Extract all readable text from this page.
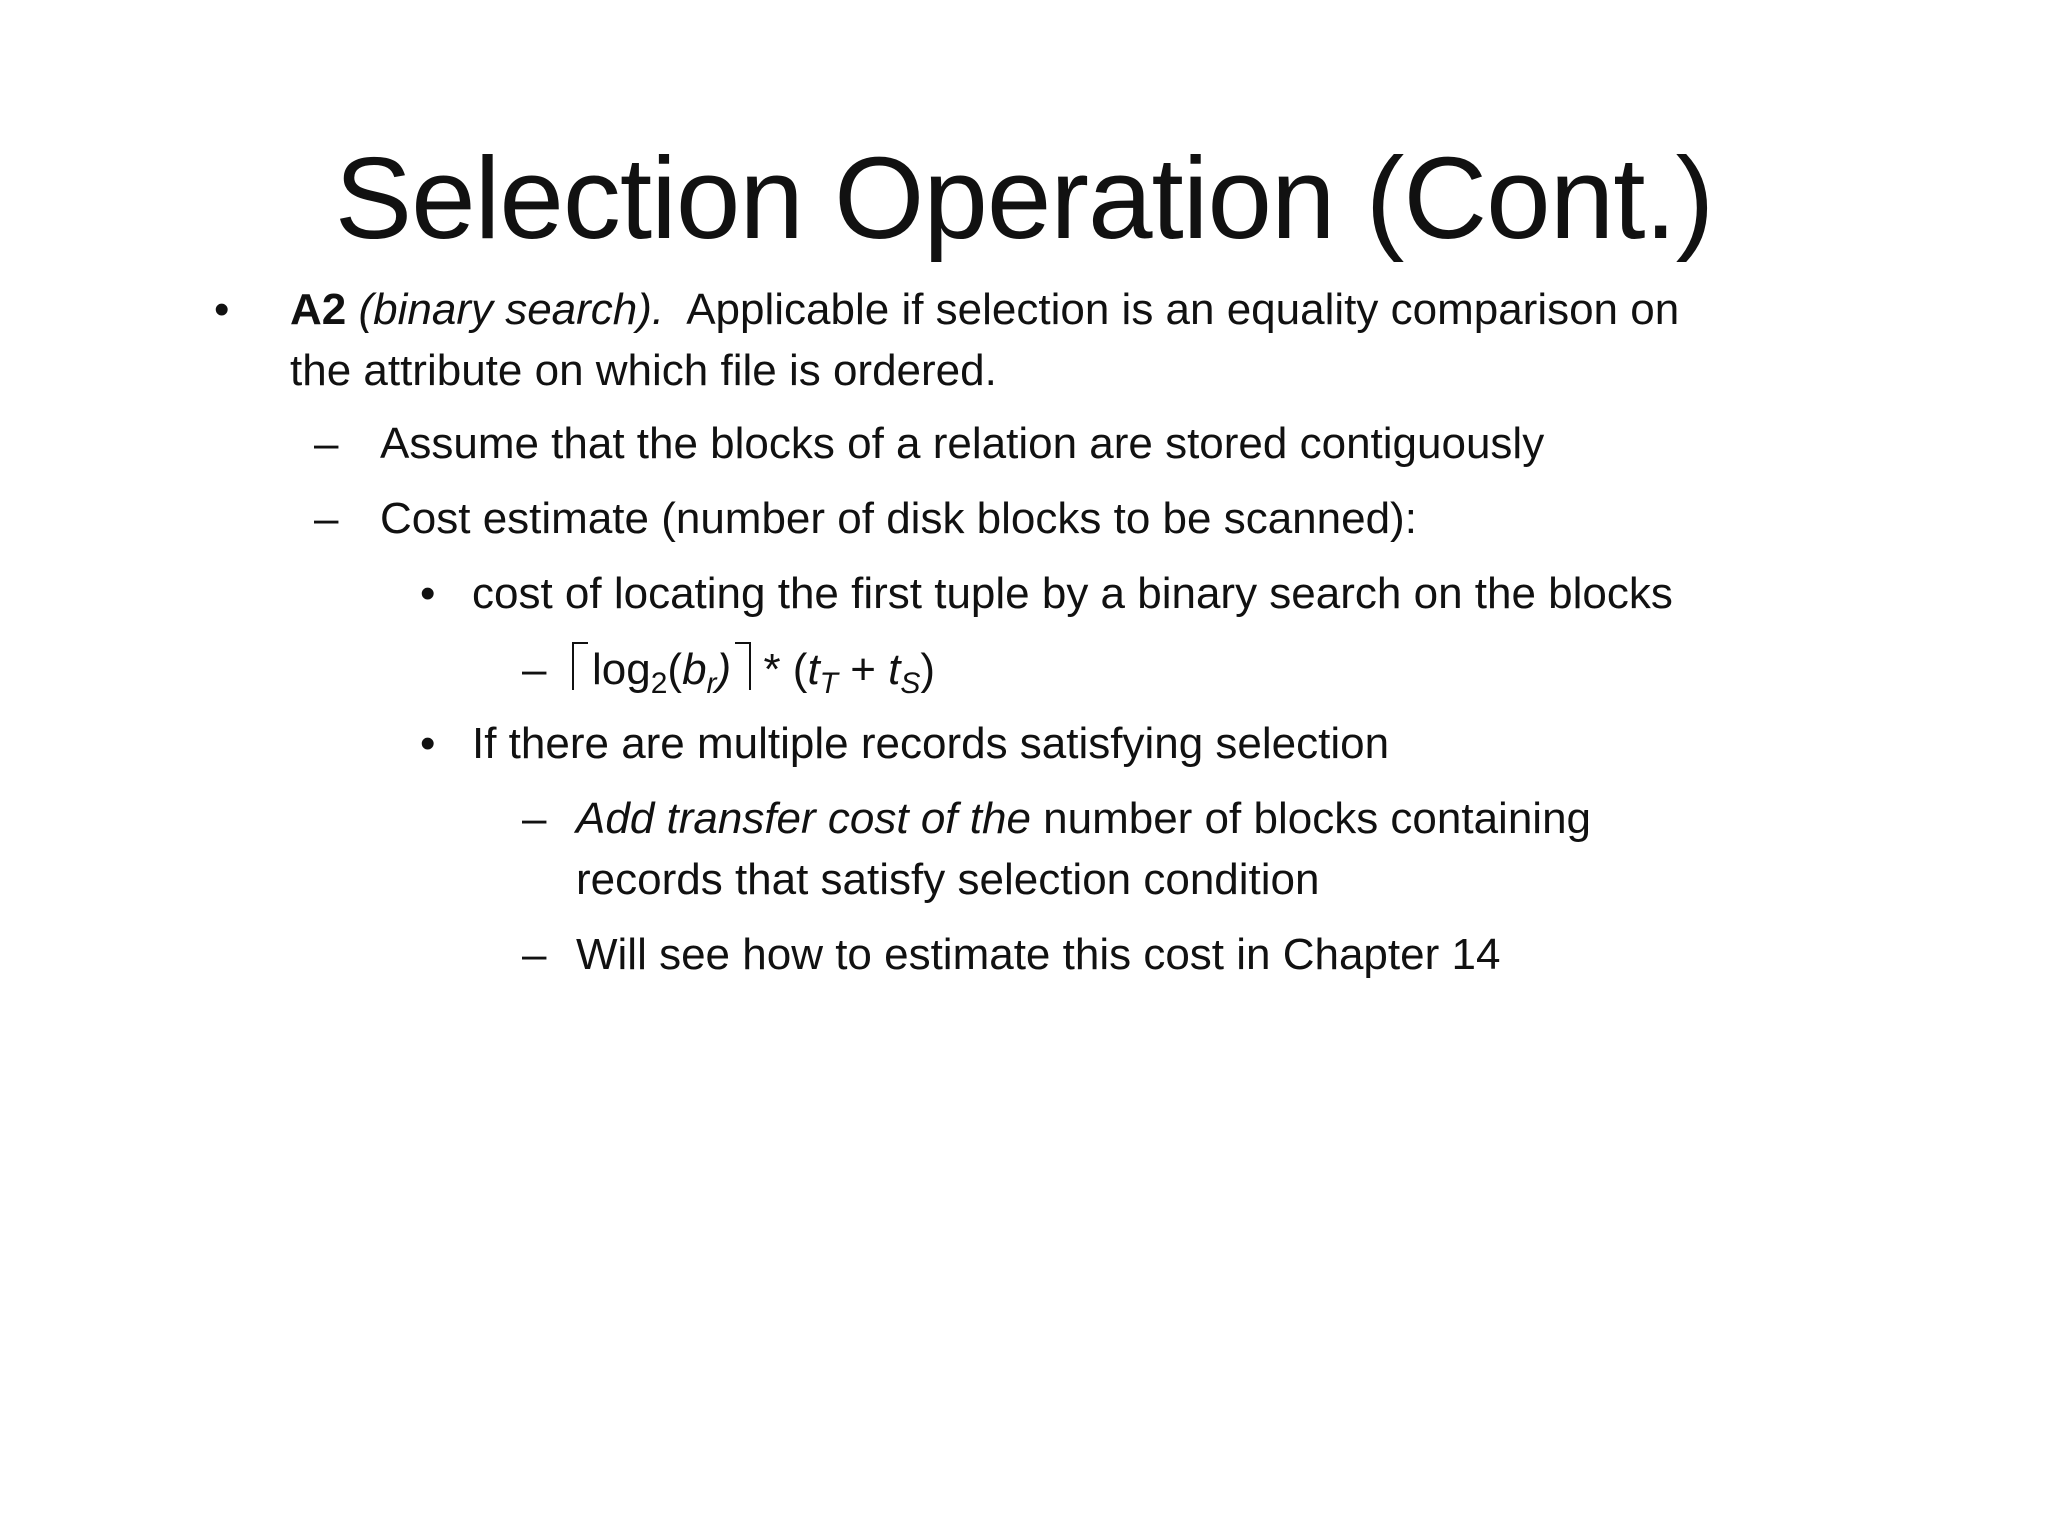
Selection Operation (Cont.)
• A2 (binary search). Applicable if selection is an equality comparison on
the attribute on which file is ordered.
– Assume that the blocks of a relation are stored contiguously
– Cost estimate (number of disk blocks to be scanned):
• cost of locating the first tuple by a binary search on the blocks
–	$\log_2(b_r) * (t_T + t_S)$
• If there are multiple records satisfying selection
– Add transfer cost of the number of blocks containing
records that satisfy selection condition
– Will see how to estimate this cost in Chapter 14
